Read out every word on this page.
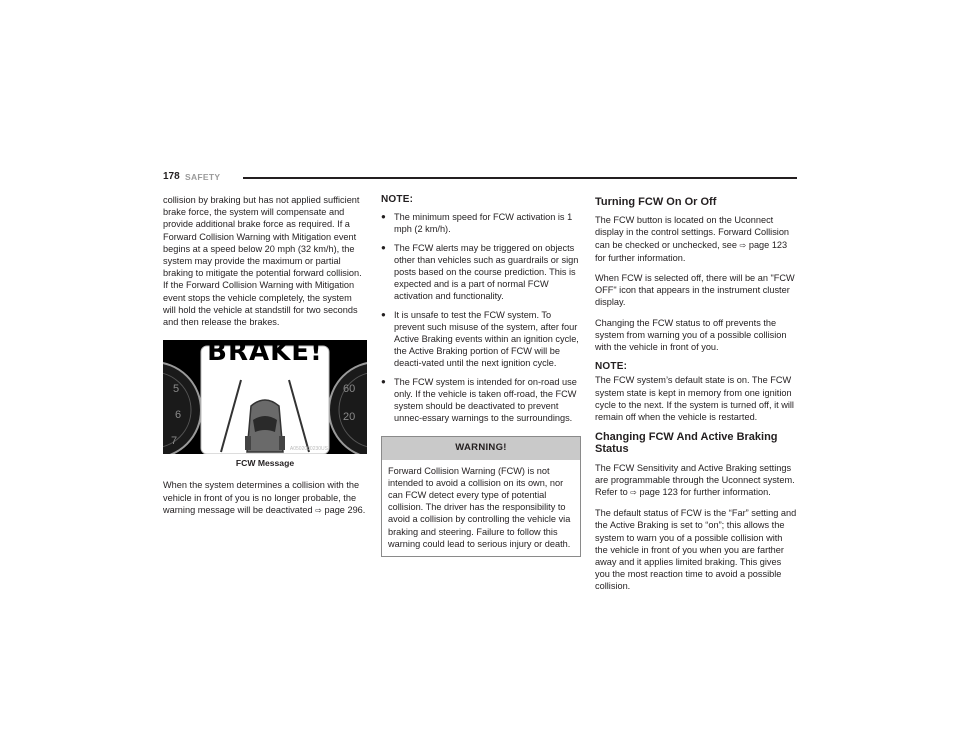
178 SAFETY

collision by braking but has not applied sufficient brake force, the system will compensate and provide additional brake force as required. If a Forward Collision Warning with Mitigation event begins at a speed below 20 mph (32 km/h), the system may provide the maximum or partial braking to mitigate the potential forward collision. If the Forward Collision Warning with Mitigation event stops the vehicle completely, the system will hold the vehicle at standstill for two seconds and then release the brakes.

5
6
7
60
20
A0502000230US
BRAKE!
FCW Message

When the system determines a collision with the vehicle in front of you is no longer probable, the warning message will be deactivated ⇨ page 296.

NOTE:
● The minimum speed for FCW activation is 1 mph (2 km/h).
● The FCW alerts may be triggered on objects other than vehicles such as guardrails or sign posts based on the course prediction. This is expected and is a part of normal FCW activation and functionality.
● It is unsafe to test the FCW system. To prevent such misuse of the system, after four Active Braking events within an ignition cycle, the Active Braking portion of FCW will be deacti-vated until the next ignition cycle.
● The FCW system is intended for on-road use only. If the vehicle is taken off-road, the FCW system should be deactivated to prevent unnec-essary warnings to the surroundings.
WARNING!
Forward Collision Warning (FCW) is not intended to avoid a collision on its own, nor can FCW detect every type of potential collision. The driver has the responsibility to avoid a collision by controlling the vehicle via braking and steering. Failure to follow this warning could lead to serious injury or death.
Turning FCW On Or Off

The FCW button is located on the Uconnect display in the control settings. Forward Collision can be checked or unchecked, see ⇨ page 123 for further information.

When FCW is selected off, there will be an "FCW OFF" icon that appears in the instrument cluster display.

Changing the FCW status to off prevents the system from warning you of a possible collision with the vehicle in front of you.

NOTE:

The FCW system’s default state is on. The FCW system state is kept in memory from one ignition cycle to the next. If the system is turned off, it will remain off when the vehicle is restarted.

Changing FCW And Active Braking Status

The FCW Sensitivity and Active Braking settings are programmable through the Uconnect system. Refer to ⇨ page 123 for further information.

The default status of FCW is the “Far” setting and the Active Braking is set to “on”; this allows the system to warn you of a possible collision with the vehicle in front of you when you are farther away and it applies limited braking. This gives you the most reaction time to avoid a possible collision.
